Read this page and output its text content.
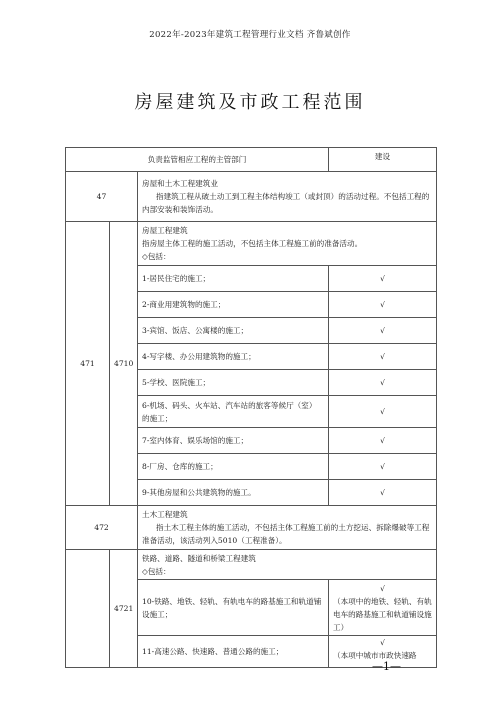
2022年-2023年建筑工程管理行业文档 齐鲁斌创作
房屋建筑及市政工程范围
负责监管相应工程的主管部门			建设
47		房屋和土木工程建筑业
指建筑工程从破土动工到工程主体结构竣工（或封顶）的活动过程。不包括工程的内部安装和装饰活动。	

471	4710	房屋工程建筑
指房屋主体工程的施工活动，不包括主体工程施工前的准备活动。
◇包括：	

		1-居民住宅的施工；	√
		2-商业用建筑物的施工；	√
		3-宾馆、饭店、公寓楼的施工；	√
		4-写字楼、办公用建筑物的施工；	√
		5-学校、医院施工；	√
		6-机场、码头、火车站、汽车站的旅客等候厅（室）的施工；	√
		7-室内体育、娱乐场馆的施工；	√
		8-厂房、仓库的施工；	√
		9-其他房屋和公共建筑物的施工。	√
472		土木工程建筑
指土木工程主体的施工活动，不包括主体工程施工前的土方挖运、拆除爆破等工程准备活动，该活动列入5010（工程准备）。	

	4721	铁路、道路、隧道和桥梁工程建筑
◇包括：	

		10-铁路、地铁、轻轨、有轨电车的路基施工和轨道铺设施工；	√
（本项中的地铁、轻轨、有轨电车的路基施工和轨道铺设施工）

		11-高速公路、快速路、普通公路的施工；	√
（本项中城市市政快速路
—1—
